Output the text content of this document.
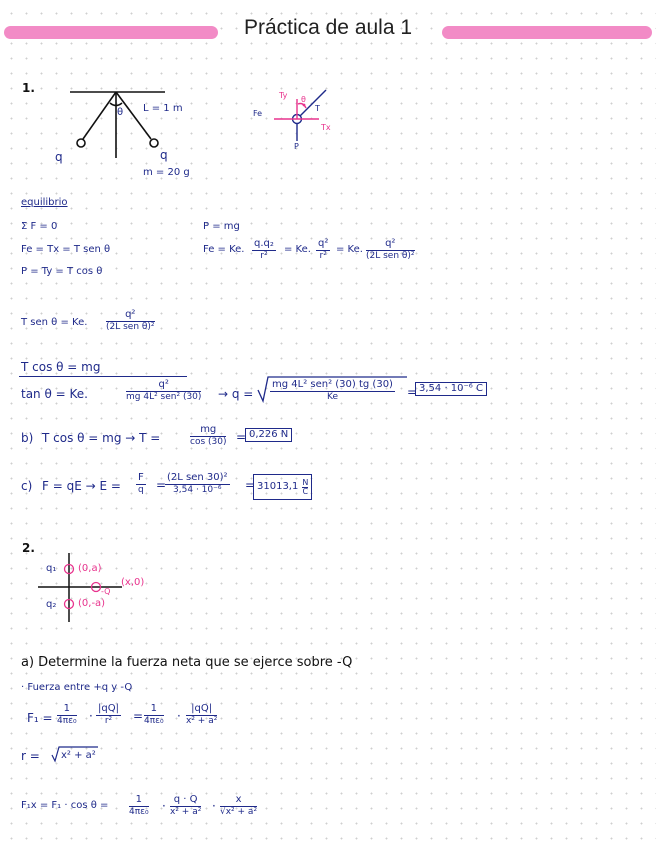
Práctica de aula 1
1.
θ L = 1 m
q	q
m = 20 g
Ty θ
T
Fe
Tx
P
equilibrio
Σ F = 0
Fe = Tx = T sen θ
P = Ty = T cos θ
P = mg
Fe = Ke. $\frac{\text{q.q₂}}{\text{r²}} = Ke$. $\frac{\text{q²}}{\text{r²}} = Ke$.
q²
(2L sen θ)²
T sen θ = Ke.
q²
(2L sen θ)²
T cos θ = mg
tan θ = Ke.
q²
mg 4L² sen² (30) → q =
mg 4L² sen² (30) tg (30)
Ke	= 3,54 · 10⁻⁶ C
b) T cos θ = mg → T =	$\frac{mg}{\cos (30)} = 0,226$ N
c) F = qE → $E = \frac{F}{q}$ =
(2L sen 30)²
3,54 · 10⁻⁶	= 31013,1 N
C
2.
q₁ (0,a)
-Q
(x,0)
q₂ (0,-a)
a) Determine la fuerza neta que se ejerce sobre -Q
· Fuerza entre +q y -Q
$F_1 = \frac{1}{\text{4πε₀}} \cdot \frac{|qQ|}{\text{r²}} = \frac{1}{\text{4πε₀}} \cdot \frac{|qQ|}{\text{x² + a²}}$
r = x² + a²
$F_1x = F_1 \cdot \cos \theta = \frac{1}{\text{4πε₀}} \cdot \frac{q \cdot Q}{\text{x² + a²}} \cdot \frac{x}{\text{√x² + a²}}$
